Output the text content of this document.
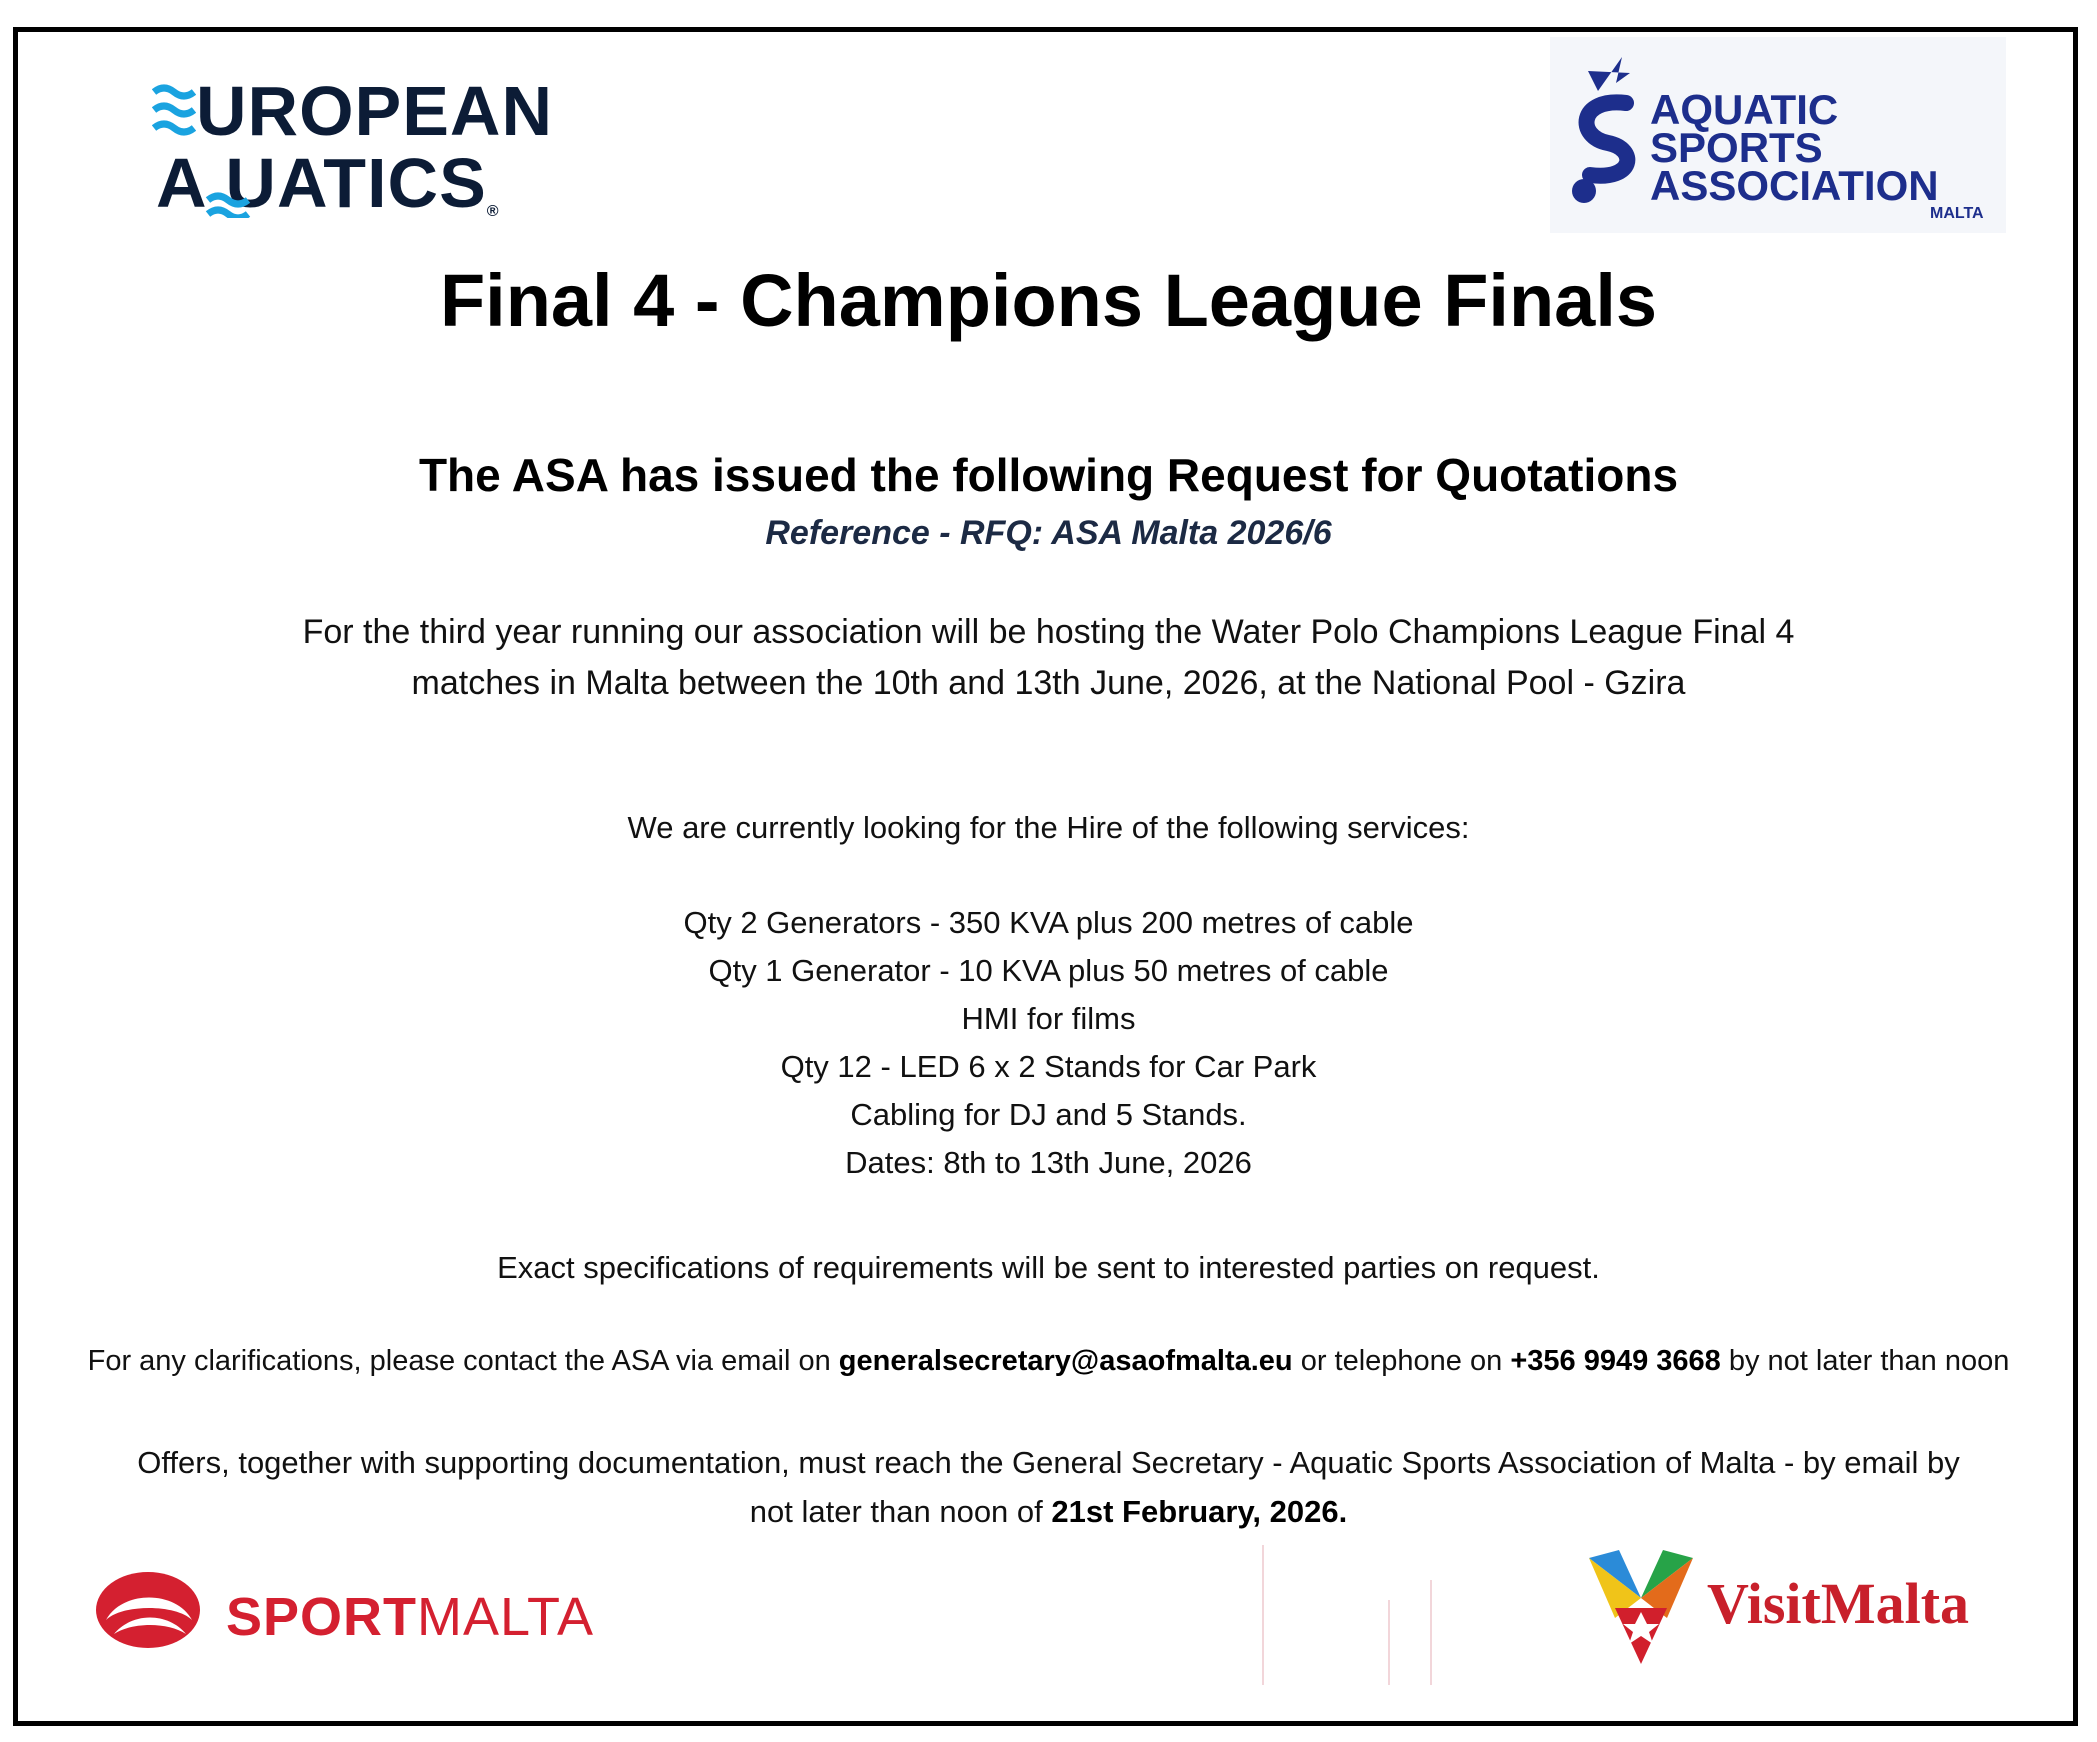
UROPEAN
A UATICS®
AQUATIC
SPORTS
ASSOCIATION
MALTA
Final 4 - Champions League Finals
The ASA has issued the following Request for Quotations
Reference - RFQ: ASA Malta 2026/6
For the third year running our association will be hosting the Water Polo Champions League Final 4
matches in Malta between the 10th and 13th June, 2026, at the National Pool - Gzira
We are currently looking for the Hire of the following services:
Qty 2 Generators - 350 KVA plus 200 metres of cable
Qty 1 Generator - 10 KVA plus 50 metres of cable
HMI for films
Qty 12 - LED 6 x 2 Stands for Car Park
Cabling for DJ and 5 Stands.
Dates: 8th to 13th June, 2026
Exact specifications of requirements will be sent to interested parties on request.
For any clarifications, please contact the ASA via email on generalsecretary@asaofmalta.eu or telephone on +356 9949 3668 by not later than noon
Offers, together with supporting documentation, must reach the General Secretary - Aquatic Sports Association of Malta - by email by
not later than noon of 21st February, 2026.
SPORTMALTA	VisitMalta
